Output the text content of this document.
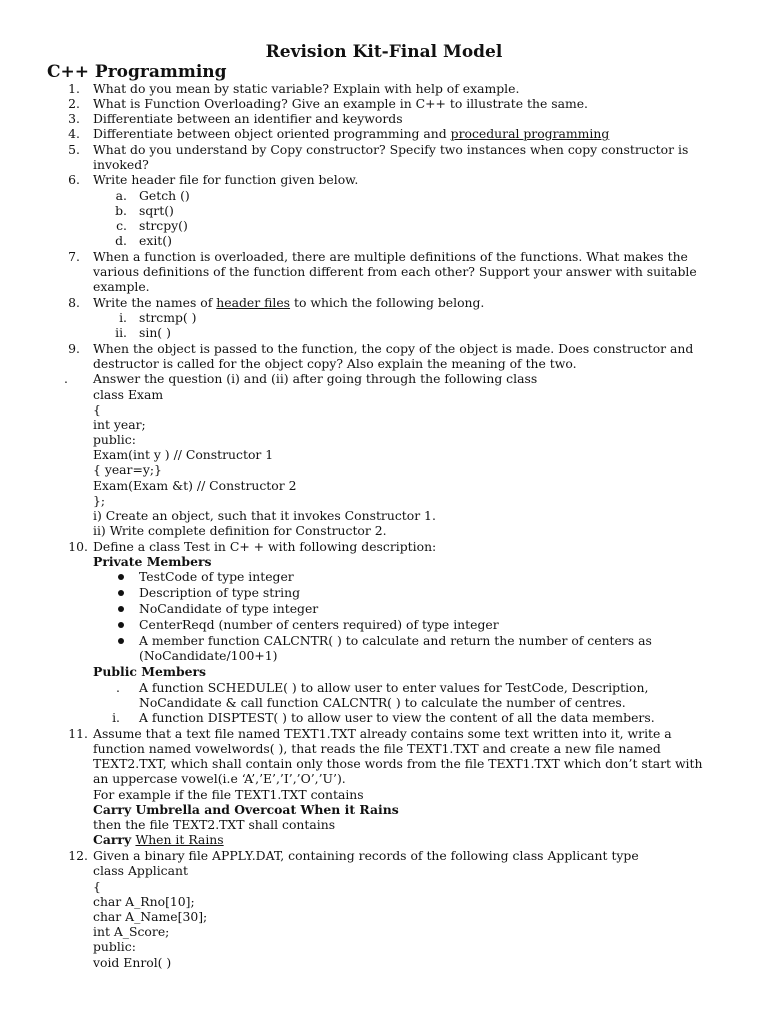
Revision Kit-Final Model
C++ Programming
1. What do you mean by static variable? Explain with help of example.
2. What is Function Overloading? Give an example in C++ to illustrate the same.
3. Differentiate between an identifier and keywords
4. Differentiate between object oriented programming and procedural programming
5. What do you understand by Copy constructor? Specify two instances when copy constructor is
invoked?
6. Write header file for function given below.
a. Getch ()
b. sqrt()
c. strcpy()
d. exit()
7. When a function is overloaded, there are multiple definitions of the functions. What makes the
various definitions of the function different from each other? Support your answer with suitable
example.
8. Write the names of header files to which the following belong.
i. strcmp( )
ii. sin( )
9. When the object is passed to the function, the copy of the object is made. Does constructor and
destructor is called for the object copy? Also explain the meaning of the two.
. Answer the question (i) and (ii) after going through the following class
class Exam
{
int year;
public:
Exam(int y ) // Constructor 1
{ year=y;}
Exam(Exam &t) // Constructor 2
};
i) Create an object, such that it invokes Constructor 1.
ii) Write complete definition for Constructor 2.
10. Define a class Test in C+ + with following description:
Private Members
TestCode of type integer
Description of type string
NoCandidate of type integer
CenterReqd (number of centers required) of type integer
A member function CALCNTR( ) to calculate and return the number of centers as
(NoCandidate/100+1)
Public Members
. A function SCHEDULE( ) to allow user to enter values for TestCode, Description,
NoCandidate & call function CALCNTR( ) to calculate the number of centres.
i. A function DISPTEST( ) to allow user to view the content of all the data members.
11. Assume that a text file named TEXT1.TXT already contains some text written into it, write a
function named vowelwords( ), that reads the file TEXT1.TXT and create a new file named
TEXT2.TXT, which shall contain only those words from the file TEXT1.TXT which don’t start with
an uppercase vowel(i.e ‘A’,’E’,’I’,’O’,’U’).
For example if the file TEXT1.TXT contains
Carry Umbrella and Overcoat When it Rains
then the file TEXT2.TXT shall contains
Carry When it Rains
12. Given a binary file APPLY.DAT, containing records of the following class Applicant type
class Applicant
{
char A_Rno[10];
char A_Name[30];
int A_Score;
public:
void Enrol( )
